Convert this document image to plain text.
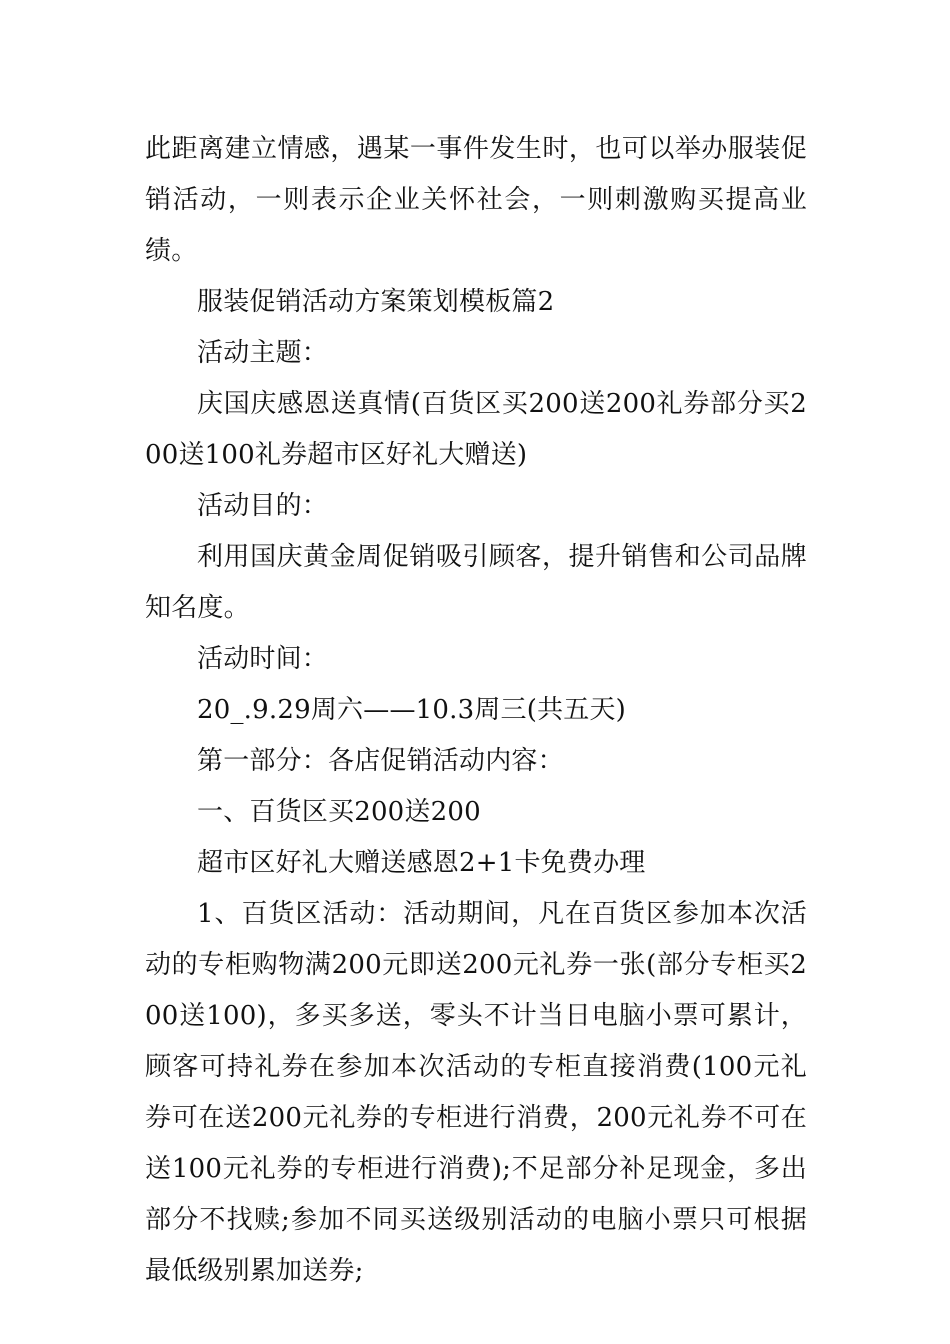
此距离建立情感，遇某一事件发生时，也可以举办服装促销活动，一则表示企业关怀社会，一则刺激购买提高业绩。

服装促销活动方案策划模板篇2

活动主题：

庆国庆感恩送真情(百货区买200送200礼券部分买200送100礼券超市区好礼大赠送)

活动目的：

利用国庆黄金周促销吸引顾客，提升销售和公司品牌知名度。

活动时间：

20_.9.29周六——10.3周三(共五天)

第一部分：各店促销活动内容：

一、百货区买200送200

超市区好礼大赠送感恩2+1卡免费办理

1、百货区活动：活动期间，凡在百货区参加本次活动的专柜购物满200元即送200元礼券一张(部分专柜买200送100)，多买多送，零头不计当日电脑小票可累计，顾客可持礼券在参加本次活动的专柜直接消费(100元礼券可在送200元礼券的专柜进行消费，200元礼券不可在送100元礼券的专柜进行消费);不足部分补足现金，多出部分不找赎;参加不同买送级别活动的电脑小票只可根据最低级别累加送券;
